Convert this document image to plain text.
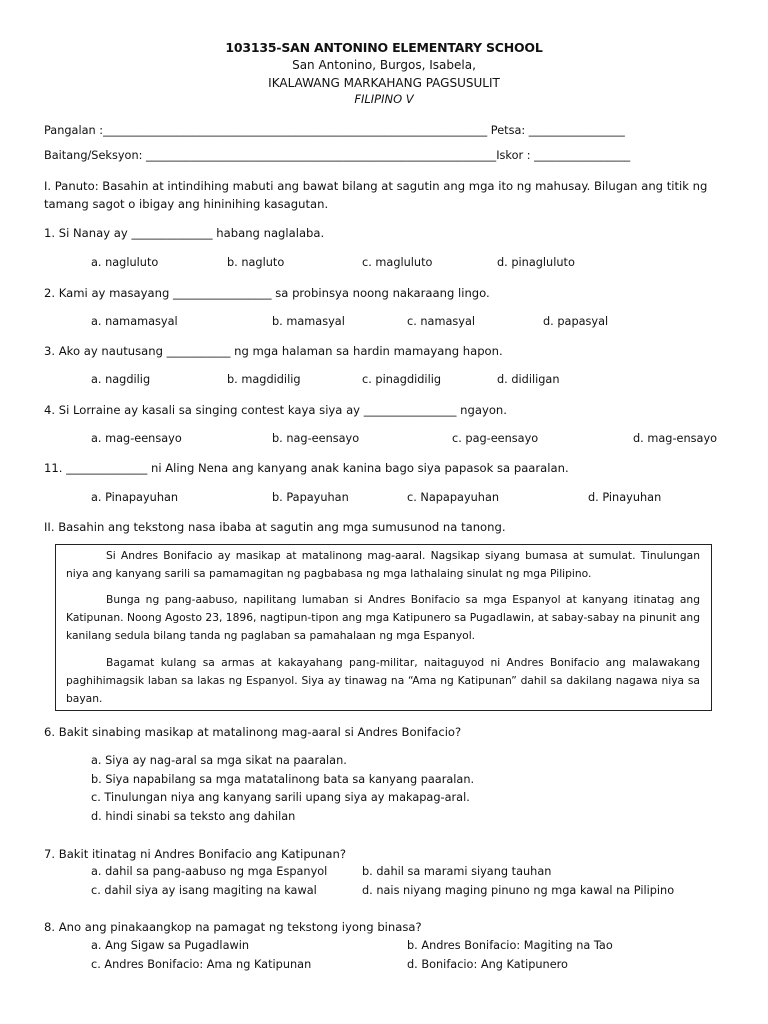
103135-SAN ANTONINO ELEMENTARY SCHOOL
San Antonino, Burgos, Isabela,
IKALAWANG MARKAHANG PAGSUSULIT
FILIPINO V
Pangalan :____________________________________________________________________ Petsa: _________________
Baitang/Seksyon: ______________________________________________________________Iskor : _________________
I. Panuto: Basahin at intindihing mabuti ang bawat bilang at sagutin ang mga ito ng mahusay. Bilugan ang titik ng tamang sagot o ibigay ang hininihing kasagutan.
1. Si Nanay ay ______________ habang naglalaba.
a. nagluluto	b. nagluto	c. magluluto	d. pinagluluto
2. Kami ay masayang _________________ sa probinsya noong nakaraang lingo.
a. namamasyal	b. mamasyal	c. namasyal	d. papasyal
3. Ako ay nautusang ___________ ng mga halaman sa hardin mamayang hapon.
a. nagdilig	b. magdidilig	c. pinagdidilig	d. didiligan
4. Si Lorraine ay kasali sa singing contest kaya siya ay ________________ ngayon.
a. mag-eensayo	b. nag-eensayo	c. pag-eensayo	d. mag-ensayo
11. ______________ ni Aling Nena ang kanyang anak kanina bago siya papasok sa paaralan.
a. Pinapayuhan	b. Papayuhan	c. Napapayuhan	d. Pinayuhan
II. Basahin ang tekstong nasa ibaba at sagutin ang mga sumusunod na tanong.

Si Andres Bonifacio ay masikap at matalinong mag-aaral. Nagsikap siyang bumasa at sumulat. Tinulungan niya ang kanyang sarili sa pamamagitan ng pagbabasa ng mga lathalaing sinulat ng mga Pilipino.

Bunga ng pang-aabuso, napilitang lumaban si Andres Bonifacio sa mga Espanyol at kanyang itinatag ang Katipunan. Noong Agosto 23, 1896, nagtipun-tipon ang mga Katipunero sa Pugadlawin, at sabay-sabay na pinunit ang kanilang sedula bilang tanda ng paglaban sa pamahalaan ng mga Espanyol.

Bagamat kulang sa armas at kakayahang pang-militar, naitaguyod ni Andres Bonifacio ang malawakang paghihimagsik laban sa lakas ng Espanyol. Siya ay tinawag na “Ama ng Katipunan” dahil sa dakilang nagawa niya sa bayan.

6. Bakit sinabing masikap at matalinong mag-aaral si Andres Bonifacio?
a. Siya ay nag-aral sa mga sikat na paaralan.
b. Siya napabilang sa mga matatalinong bata sa kanyang paaralan.
c. Tinulungan niya ang kanyang sarili upang siya ay makapag-aral.
d. hindi sinabi sa teksto ang dahilan
7. Bakit itinatag ni Andres Bonifacio ang Katipunan?
a. dahil sa pang-aabuso ng mga Espanyol	b. dahil sa marami siyang tauhan
c. dahil siya ay isang magiting na kawal	d. nais niyang maging pinuno ng mga kawal na Pilipino
8. Ano ang pinakaangkop na pamagat ng tekstong iyong binasa?
a. Ang Sigaw sa Pugadlawin	b. Andres Bonifacio: Magiting na Tao
c. Andres Bonifacio: Ama ng Katipunan	d. Bonifacio: Ang Katipunero
